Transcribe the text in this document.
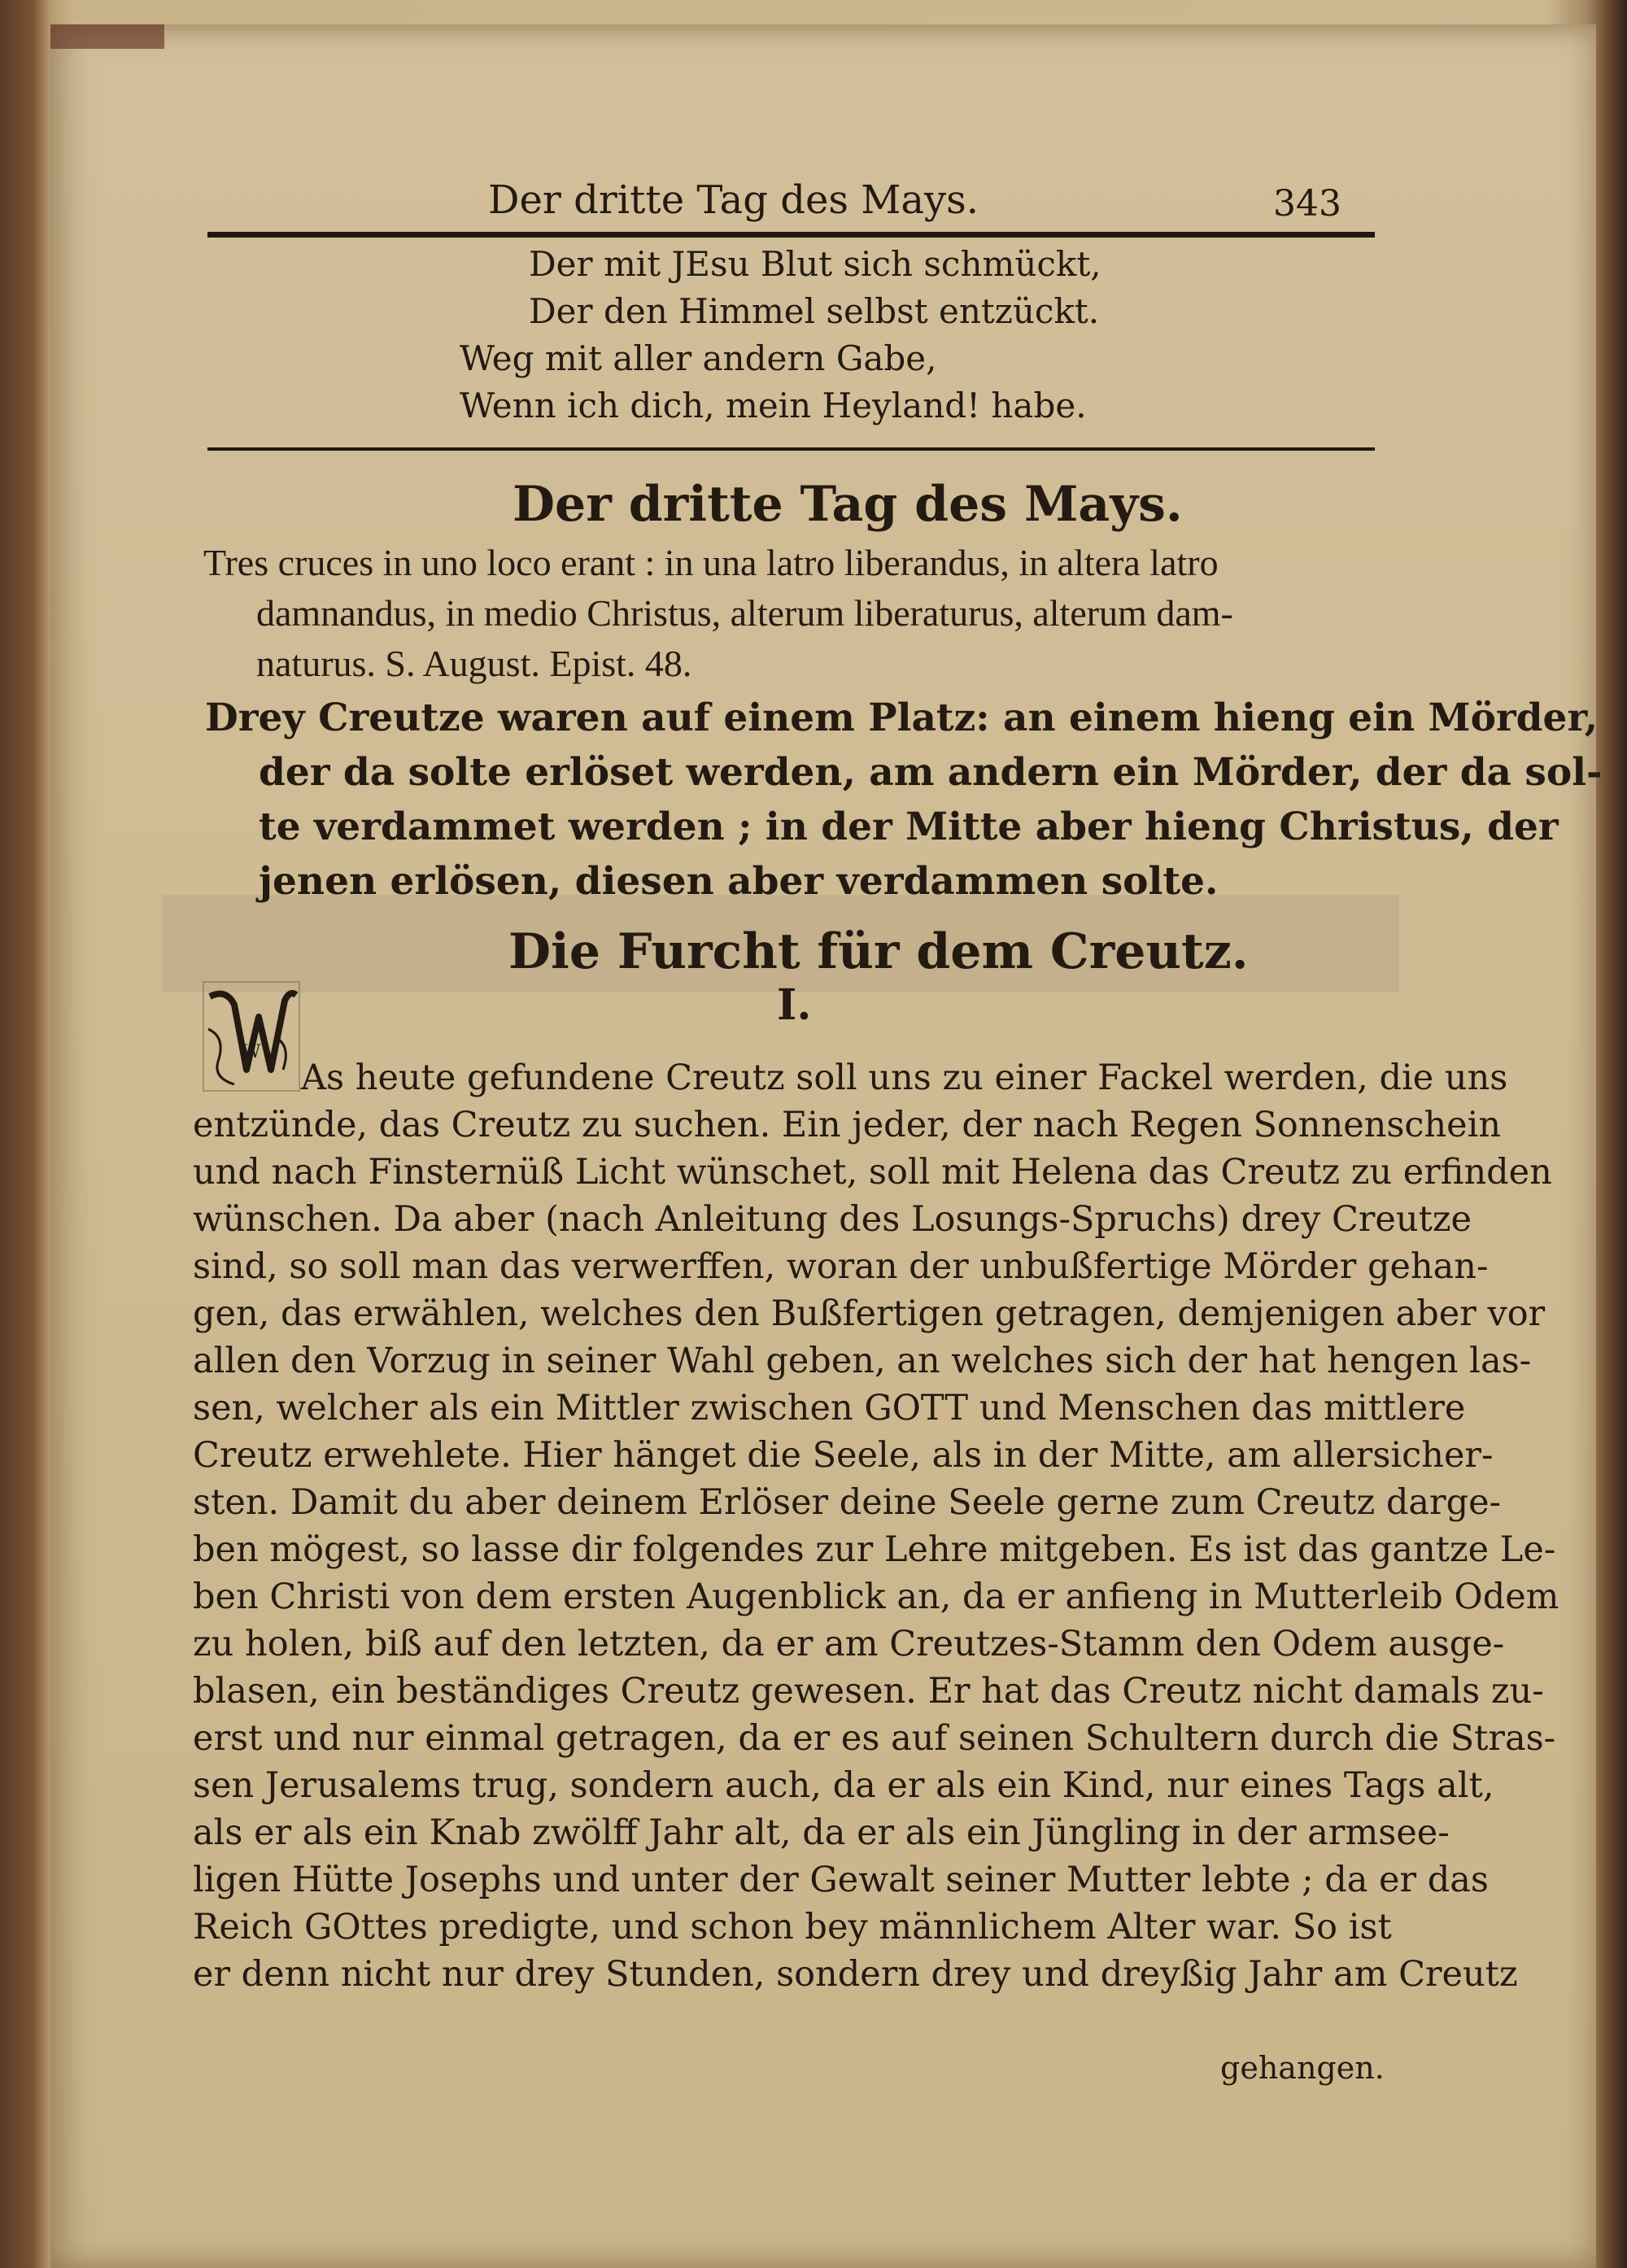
Der dritte Tag des Mays.	343
Der mit JEsu Blut sich schmückt,
Der den Himmel selbst entzückt.
Weg mit aller andern Gabe,
Wenn ich dich, mein Heyland! habe.
Der dritte Tag des Mays.
Tres cruces in uno loco erant : in una latro liberandus, in altera latro
damnandus, in medio Christus, alterum liberaturus, alterum dam-
naturus. S. August. Epist. 48.
Drey Creutze waren auf einem Platz: an einem hieng ein Mörder,
der da solte erlöset werden, am andern ein Mörder, der da sol-
te verdammet werden ; in der Mitte aber hieng Christus, der
jenen erlösen, diesen aber verdammen solte.
Die Furcht für dem Creutz.
I.
W
As heute gefundene Creutz soll uns zu einer Fackel werden, die uns
entzünde, das Creutz zu suchen. Ein jeder, der nach Regen Sonnenschein
und nach Finsternüß Licht wünschet, soll mit Helena das Creutz zu erfinden
wünschen. Da aber (nach Anleitung des Losungs-Spruchs) drey Creutze
sind, so soll man das verwerffen, woran der unbußfertige Mörder gehan-
gen, das erwählen, welches den Bußfertigen getragen, demjenigen aber vor
allen den Vorzug in seiner Wahl geben, an welches sich der hat hengen las-
sen, welcher als ein Mittler zwischen GOTT und Menschen das mittlere
Creutz erwehlete. Hier hänget die Seele, als in der Mitte, am allersicher-
sten. Damit du aber deinem Erlöser deine Seele gerne zum Creutz darge-
ben mögest, so lasse dir folgendes zur Lehre mitgeben. Es ist das gantze Le-
ben Christi von dem ersten Augenblick an, da er anfieng in Mutterleib Odem
zu holen, biß auf den letzten, da er am Creutzes-Stamm den Odem ausge-
blasen, ein beständiges Creutz gewesen. Er hat das Creutz nicht damals zu-
erst und nur einmal getragen, da er es auf seinen Schultern durch die Stras-
sen Jerusalems trug, sondern auch, da er als ein Kind, nur eines Tags alt,
als er als ein Knab zwölff Jahr alt, da er als ein Jüngling in der armsee-
ligen Hütte Josephs und unter der Gewalt seiner Mutter lebte ; da er das
Reich GOttes predigte, und schon bey männlichem Alter war. So ist
er denn nicht nur drey Stunden, sondern drey und dreyßig Jahr am Creutz
gehangen.
